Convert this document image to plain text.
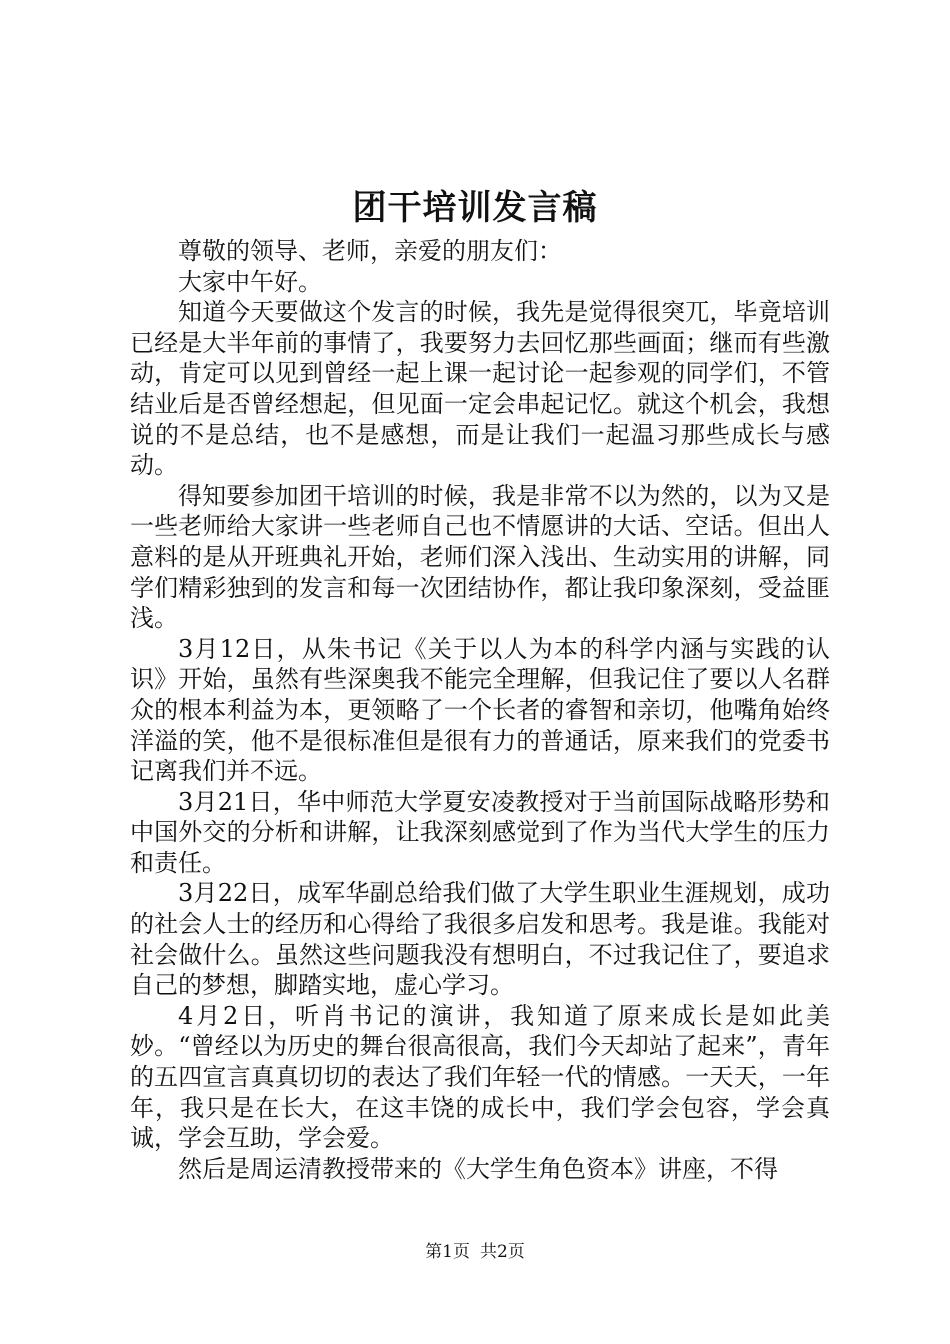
团干培训发言稿

尊敬的领导、老师，亲爱的朋友们：

大家中午好。

知道今天要做这个发言的时候，我先是觉得很突兀，毕竟培训已经是大半年前的事情了，我要努力去回忆那些画面；继而有些激动，肯定可以见到曾经一起上课一起讨论一起参观的同学们，不管结业后是否曾经想起，但见面一定会串起记忆。就这个机会，我想说的不是总结，也不是感想，而是让我们一起温习那些成长与感动。

得知要参加团干培训的时候，我是非常不以为然的，以为又是一些老师给大家讲一些老师自己也不情愿讲的大话、空话。但出人意料的是从开班典礼开始，老师们深入浅出、生动实用的讲解，同学们精彩独到的发言和每一次团结协作，都让我印象深刻，受益匪浅。

3月12日，从朱书记《关于以人为本的科学内涵与实践的认识》开始，虽然有些深奥我不能完全理解，但我记住了要以人名群众的根本利益为本，更领略了一个长者的睿智和亲切，他嘴角始终洋溢的笑，他不是很标准但是很有力的普通话，原来我们的党委书记离我们并不远。

3月21日，华中师范大学夏安凌教授对于当前国际战略形势和中国外交的分析和讲解，让我深刻感觉到了作为当代大学生的压力和责任。

3月22日，成军华副总给我们做了大学生职业生涯规划，成功的社会人士的经历和心得给了我很多启发和思考。我是谁。我能对社会做什么。虽然这些问题我没有想明白，不过我记住了，要追求自己的梦想，脚踏实地，虚心学习。

4月2日，听肖书记的演讲，我知道了原来成长是如此美妙。“曾经以为历史的舞台很高很高，我们今天却站了起来”，青年的五四宣言真真切切的表达了我们年轻一代的情感。一天天，一年年，我只是在长大，在这丰饶的成长中，我们学会包容，学会真诚，学会互助，学会爱。

然后是周运清教授带来的《大学生角色资本》讲座，不得

第1页 共2页
